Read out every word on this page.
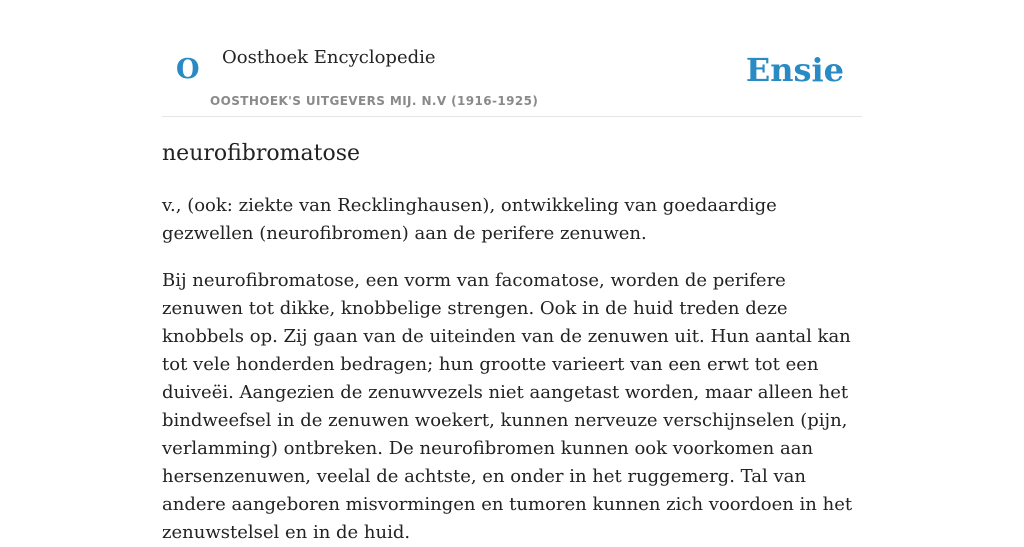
O Oosthoek Encyclopedie
OOSTHOEK'S UITGEVERS MIJ. N.V (1916-1925)
Ensie
neurofibromatose

v., (ook: ziekte van Recklinghausen), ontwikkeling van goedaardige gezwellen (neurofibromen) aan de perifere zenuwen.

Bij neurofibromatose, een vorm van facomatose, worden de perifere zenuwen tot dikke, knobbelige strengen. Ook in de huid treden deze knobbels op. Zij gaan van de uiteinden van de zenuwen uit. Hun aantal kan tot vele honderden bedragen; hun grootte varieert van een erwt tot een duiveëi. Aangezien de zenuwvezels niet aangetast worden, maar alleen het bindweefsel in de zenuwen woekert, kunnen nerveuze verschijnselen (pijn, verlamming) ontbreken. De neurofibromen kunnen ook voorkomen aan hersenzenuwen, veelal de achtste, en onder in het ruggemerg. Tal van andere aangeboren misvormingen en tumoren kunnen zich voordoen in het zenuwstelsel en in de huid.
